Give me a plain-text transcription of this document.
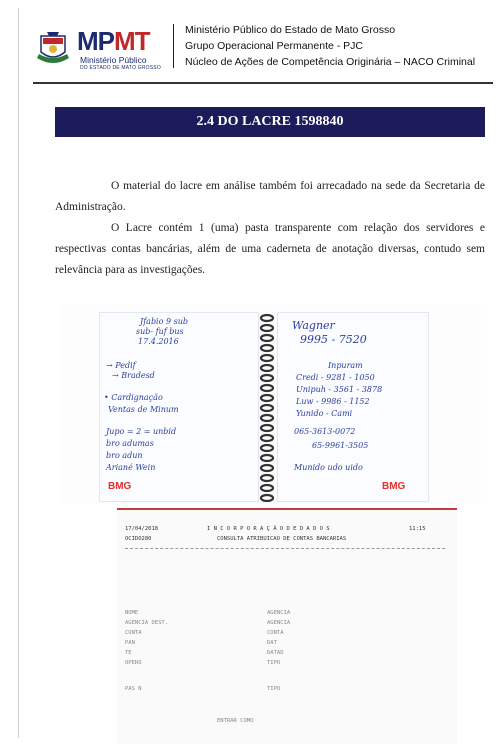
MPMT
Ministério Público
DO ESTADO DE MATO GROSSO
Ministério Público do Estado de Mato Grosso
Grupo Operacional Permanente - PJC
Núcleo de Ações de Competência Originária – NACO Criminal
2.4 DO LACRE 1598840

O material do lacre em análise também foi arrecadado na sede da Secretaria de Administração.

O Lacre contém 1 (uma) pasta transparente com relação dos servidores e respectivas contas bancárias, além de uma caderneta de anotação diversas, contudo sem relevância para as investigações.

Jfabio 9 sub
sub- fuf bus
17.4.2016
→ Pedif
→ Bradesd
• Cardignação
Ventas de Minum
Jupo = 2 = unbid
bro adumas
bro adun
Ariané Wein
BMG
Wagner
9995 - 7520
Inpuram
Credi - 9281 - 1050
Unipuh - 3561 - 3878
Luw - 9986 - 1152
Yunido - Cami
065-3613-0072
65-9961-3505
Munido udo uido
BMG
17/04/2018
OCIDO280
I N C O R P O R A Ç Ã O D E D A D O S	11:15
CONSULTA ATRIBUICAO DE CONTAS BANCARIAS
NOME	AGENCIA
AGENCIA DEST.	AGENCIA
CONTA	CONTA
PAN	DAT
TE	DATAD
OPERO	TIPO
PAS N	TIPO
ENTRAR COMO
